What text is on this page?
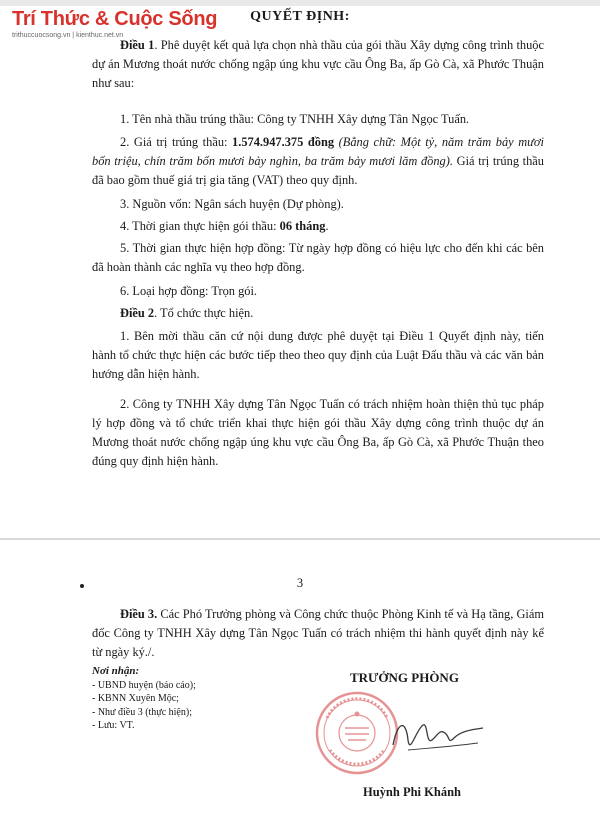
Trí Thức & Cuộc Sống
trithuccuocsong.vn | kienthuc.net.vn
QUYẾT ĐỊNH:
Điều 1. Phê duyệt kết quả lựa chọn nhà thầu của gói thầu Xây dựng công trình thuộc dự án Mương thoát nước chống ngập úng khu vực cầu Ông Ba, ấp Gò Cà, xã Phước Thuận như sau:
1. Tên nhà thầu trúng thầu: Công ty TNHH Xây dựng Tân Ngọc Tuấn.
2. Giá trị trúng thầu: 1.574.947.375 đồng (Bằng chữ: Một tỷ, năm trăm bảy mươi bốn triệu, chín trăm bốn mươi bảy nghìn, ba trăm bảy mươi lăm đồng). Giá trị trúng thầu đã bao gồm thuế giá trị gia tăng (VAT) theo quy định.
3. Nguồn vốn: Ngân sách huyện (Dự phòng).
4. Thời gian thực hiện gói thầu: 06 tháng.
5. Thời gian thực hiện hợp đồng: Từ ngày hợp đồng có hiệu lực cho đến khi các bên đã hoàn thành các nghĩa vụ theo hợp đồng.
6. Loại hợp đồng: Trọn gói.
Điều 2. Tổ chức thực hiện.
1. Bên mời thầu căn cứ nội dung được phê duyệt tại Điều 1 Quyết định này, tiến hành tổ chức thực hiện các bước tiếp theo theo quy định của Luật Đấu thầu và các văn bản hướng dẫn hiện hành.
2. Công ty TNHH Xây dựng Tân Ngọc Tuấn có trách nhiệm hoàn thiện thủ tục pháp lý hợp đồng và tổ chức triển khai thực hiện gói thầu Xây dựng công trình thuộc dự án Mương thoát nước chống ngập úng khu vực cầu Ông Ba, ấp Gò Cà, xã Phước Thuận theo đúng quy định hiện hành.
3
Điều 3. Các Phó Trưởng phòng và Công chức thuộc Phòng Kinh tế và Hạ tầng, Giám đốc Công ty TNHH Xây dựng Tân Ngọc Tuấn có trách nhiệm thi hành quyết định này kể từ ngày ký./.
Nơi nhận:
- UBND huyện (báo cáo);
- KBNN Xuyên Mộc;
- Như điều 3 (thực hiện);
- Lưu: VT.
TRƯỞNG PHÒNG
Huỳnh Phi Khánh
